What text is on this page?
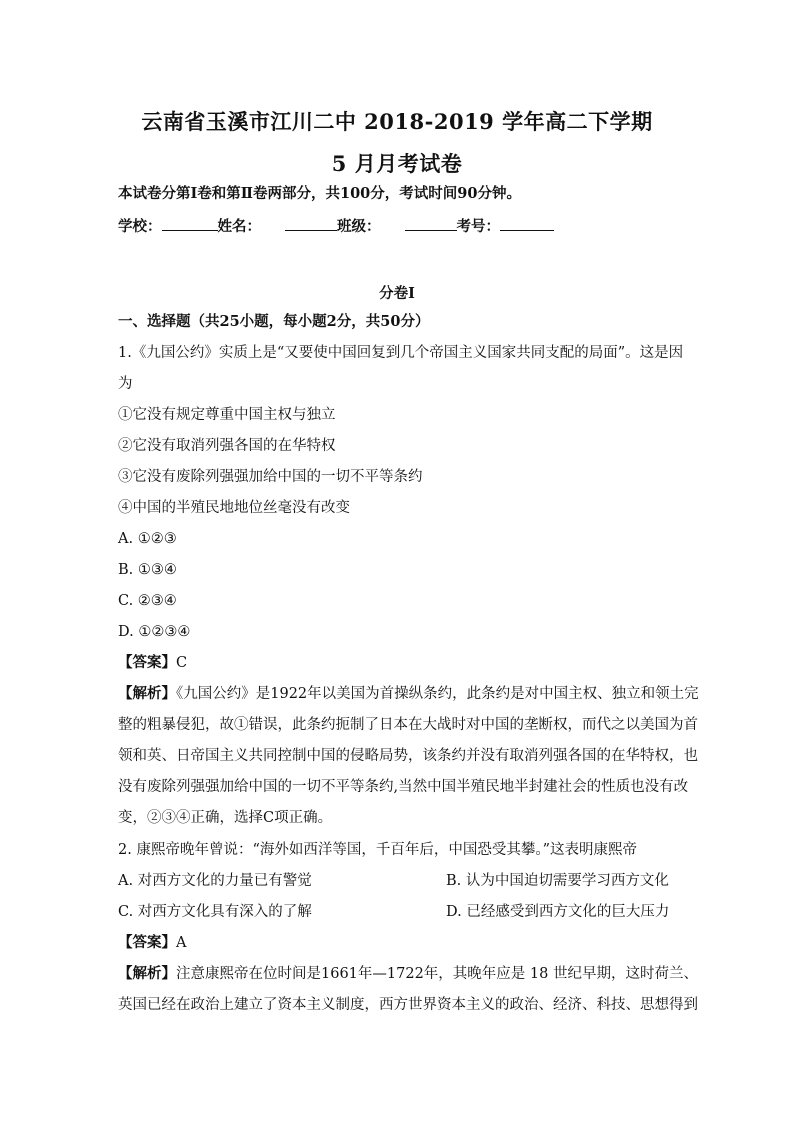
云南省玉溪市江川二中 2018-2019 学年高二下学期
5 月月考试卷
本试卷分第Ⅰ卷和第Ⅱ卷两部分，共100分，考试时间90分钟。
学校：	姓名：	班级：	考号：
分卷I
一、选择题（共25小题，每小题2分，共50分）
1.《九国公约》实质上是“又要使中国回复到几个帝国主义国家共同支配的局面”。这是因
为
①它没有规定尊重中国主权与独立
②它没有取消列强各国的在华特权
③它没有废除列强强加给中国的一切不平等条约
④中国的半殖民地地位丝毫没有改变
A. ①②③
B. ①③④
C. ②③④
D. ①②③④
【答案】C
【解析】《九国公约》是1922年以美国为首操纵条约，此条约是对中国主权、独立和领土完
整的粗暴侵犯，故①错误，此条约扼制了日本在大战时对中国的垄断权，而代之以美国为首
领和英、日帝国主义共同控制中国的侵略局势，该条约并没有取消列强各国的在华特权，也
没有废除列强强加给中国的一切不平等条约,当然中国半殖民地半封建社会的性质也没有改
变，②③④正确，选择C项正确。
2. 康熙帝晚年曾说：“海外如西洋等国，千百年后，中国恐受其攀。”这表明康熙帝
A. 对西方文化的力量已有警觉	B. 认为中国迫切需要学习西方文化
C. 对西方文化具有深入的了解	D. 已经感受到西方文化的巨大压力
【答案】A
【解析】注意康熙帝在位时间是1661年—1722年，其晚年应是 18 世纪早期，这时荷兰、
英国已经在政治上建立了资本主义制度，西方世界资本主义的政治、经济、科技、思想得到
